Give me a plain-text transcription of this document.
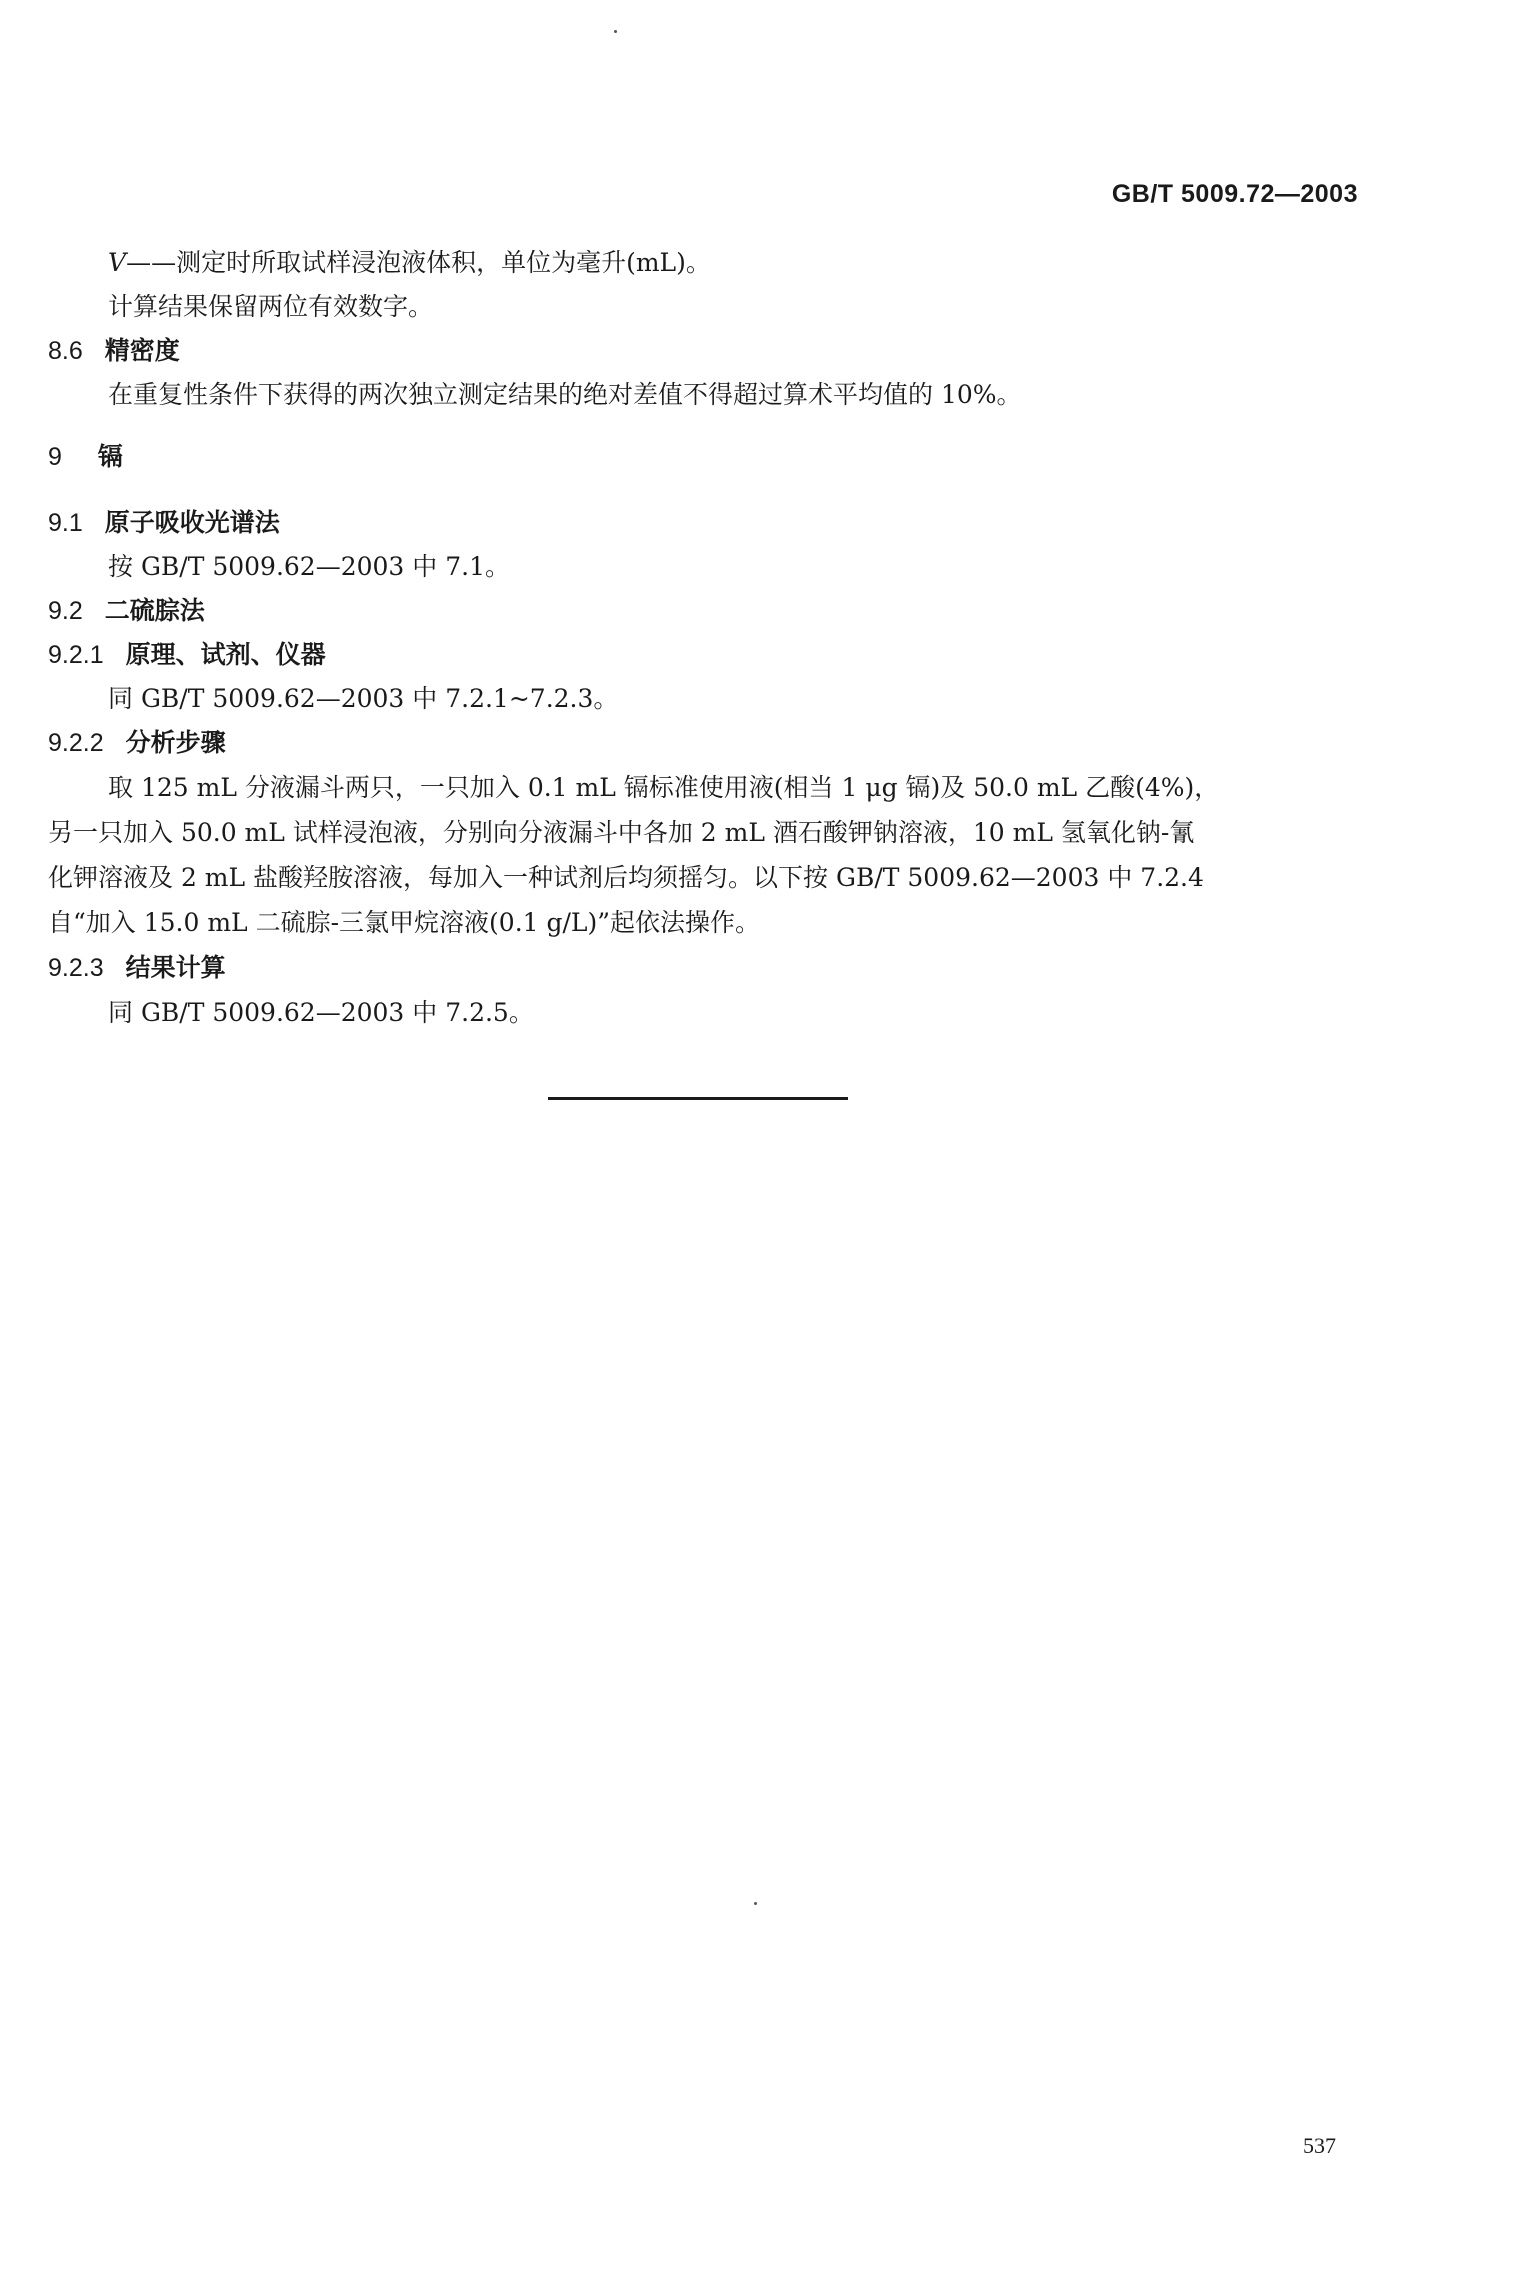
GB/T 5009.72—2003
V——测定时所取试样浸泡液体积，单位为毫升(mL)。
计算结果保留两位有效数字。
8.6 精密度
在重复性条件下获得的两次独立测定结果的绝对差值不得超过算术平均值的 10%。
9 镉
9.1 原子吸收光谱法
按 GB/T 5009.62—2003 中 7.1。
9.2 二硫腙法
9.2.1 原理、试剂、仪器
同 GB/T 5009.62—2003 中 7.2.1~7.2.3。
9.2.2 分析步骤
取 125 mL 分液漏斗两只，一只加入 0.1 mL 镉标准使用液(相当 1 μg 镉)及 50.0 mL 乙酸(4%)，
另一只加入 50.0 mL 试样浸泡液，分别向分液漏斗中各加 2 mL 酒石酸钾钠溶液，10 mL 氢氧化钠-氰
化钾溶液及 2 mL 盐酸羟胺溶液，每加入一种试剂后均须摇匀。以下按 GB/T 5009.62—2003 中 7.2.4
自“加入 15.0 mL 二硫腙-三氯甲烷溶液(0.1 g/L)”起依法操作。
9.2.3 结果计算
同 GB/T 5009.62—2003 中 7.2.5。
537
